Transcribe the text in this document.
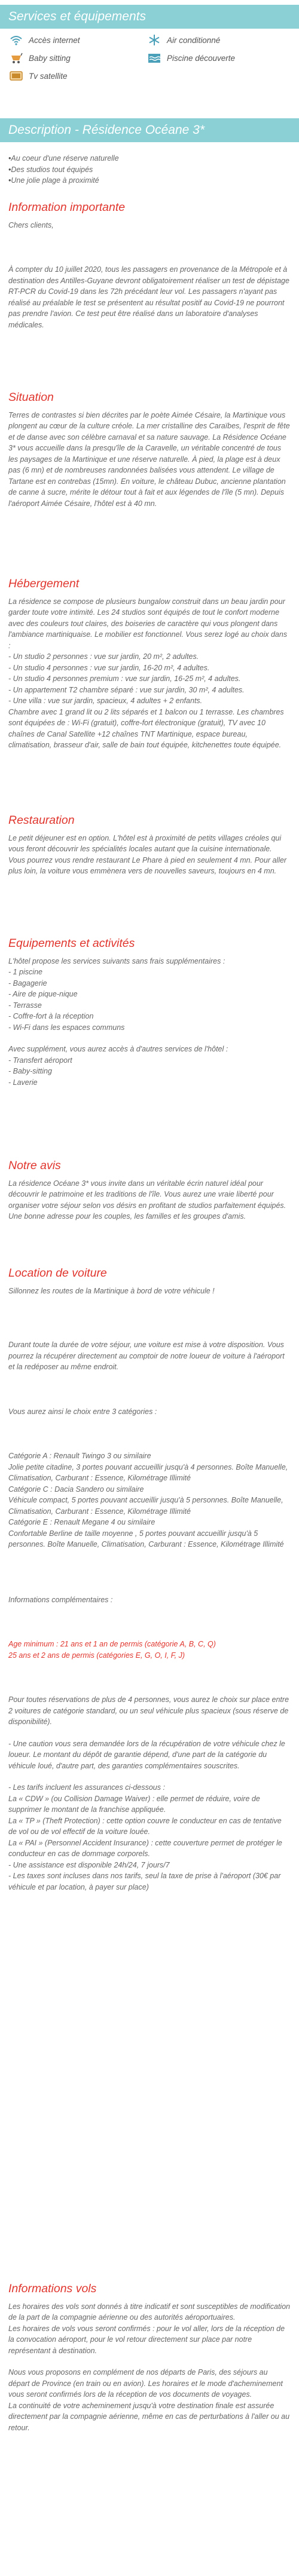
Services et équipements
Accès internet	Air conditionné
Baby sitting	Piscine découverte
Tv satellite
Description - Résidence Océane 3*
• Au coeur d'une réserve naturelle
• Des studios tout équipés
• Une jolie plage à proximité
Information importante

Chers clients,

À compter du 10 juillet 2020, tous les passagers en provenance de la Métropole et à destination des Antilles-Guyane devront obligatoirement réaliser un test de dépistage RT-PCR du Covid-19 dans les 72h précédant leur vol. Les passagers n'ayant pas réalisé au préalable le test se présentent au résultat positif au Covid-19 ne pourront pas prendre l'avion. Ce test peut être réalisé dans un laboratoire d'analyses médicales.

Situation

Terres de contrastes si bien décrites par le poète Aimée Césaire, la Martinique vous plongent au cœur de la culture créole. La mer cristalline des Caraïbes, l'esprit de fête et de danse avec son célèbre carnaval et sa nature sauvage. La Résidence Océane 3* vous accueille dans la presqu'île de la Caravelle, un véritable concentré de tous les paysages de la Martinique et une réserve naturelle. À pied, la plage est à deux pas (6 mn) et de nombreuses randonnées balisées vous attendent. Le village de Tartane est en contrebas (15mn). En voiture, le château Dubuc, ancienne plantation de canne à sucre, mérite le détour tout à fait et aux légendes de l'île (5 mn). Depuis l'aéroport Aimée Césaire, l'hôtel est à 40 mn.

Hébergement

La résidence se compose de plusieurs bungalow construit dans un beau jardin pour garder toute votre intimité. Les 24 studios sont équipés de tout le confort moderne avec des couleurs tout claires, des boiseries de caractère qui vous plongent dans l'ambiance martiniquaise. Le mobilier est fonctionnel. Vous serez logé au choix dans :

- Un studio 2 personnes : vue sur jardin, 20 m², 2 adultes.

- Un studio 4 personnes : vue sur jardin, 16-20 m², 4 adultes.

- Un studio 4 personnes premium : vue sur jardin, 16-25 m², 4 adultes.

- Un appartement T2 chambre séparé : vue sur jardin, 30 m², 4 adultes.

- Une villa : vue sur jardin, spacieux, 4 adultes + 2 enfants.

Chambre avec 1 grand lit ou 2 lits séparés et 1 balcon ou 1 terrasse. Les chambres sont équipées de : Wi-Fi (gratuit), coffre-fort électronique (gratuit), TV avec 10 chaînes de Canal Satellite +12 chaînes TNT Martinique, espace bureau, climatisation, brasseur d'air, salle de bain tout équipée, kitchenettes toute équipée.

Restauration

Le petit déjeuner est en option. L'hôtel est à proximité de petits villages créoles qui vous feront découvrir les spécialités locales autant que la cuisine internationale. Vous pourrez vous rendre restaurant Le Phare à pied en seulement 4 mn. Pour aller plus loin, la voiture vous emmènera vers de nouvelles saveurs, toujours en 4 mn.

Equipements et activités

L'hôtel propose les services suivants sans frais supplémentaires :

- 1 piscine

- Bagagerie

- Aire de pique-nique

- Terrasse

- Coffre-fort à la réception

- Wi-Fi dans les espaces communs

Avec supplément, vous aurez accès à d'autres services de l'hôtel :

- Transfert aéroport

- Baby-sitting

- Laverie

Notre avis

La résidence Océane 3* vous invite dans un véritable écrin naturel idéal pour découvrir le patrimoine et les traditions de l'île. Vous aurez une vraie liberté pour organiser votre séjour selon vos désirs en profitant de studios parfaitement équipés. Une bonne adresse pour les couples, les familles et les groupes d'amis.

Location de voiture

Sillonnez les routes de la Martinique à bord de votre véhicule !

Durant toute la durée de votre séjour, une voiture est mise à votre disposition. Vous pourrez la récupérer directement au comptoir de notre loueur de voiture à l'aéroport et la redéposer au même endroit.

Vous aurez ainsi le choix entre 3 catégories :

Catégorie A : Renault Twingo 3 ou similaire
Jolie petite citadine, 3 portes pouvant accueillir jusqu'à 4 personnes. Boîte Manuelle, Climatisation, Carburant : Essence, Kilométrage Illimité
Catégorie C : Dacia Sandero ou similaire
Véhicule compact, 5 portes pouvant accueillir jusqu'à 5 personnes. Boîte Manuelle, Climatisation, Carburant : Essence, Kilométrage Illimité
Catégorie E : Renault Megane 4 ou similaire
Confortable Berline de taille moyenne , 5 portes pouvant accueillir jusqu'à 5 personnes. Boîte Manuelle, Climatisation, Carburant : Essence, Kilométrage Illimité

Informations complémentaires :

Age minimum : 21 ans et 1 an de permis (catégorie A, B, C, Q)
25 ans et 2 ans de permis (catégories E, G, O, I, F, J)

Pour toutes réservations de plus de 4 personnes, vous aurez le choix sur place entre 2 voitures de catégorie standard, ou un seul véhicule plus spacieux (sous réserve de disponibilité).

- Une caution vous sera demandée lors de la récupération de votre véhicule chez le loueur. Le montant du dépôt de garantie dépend, d'une part de la catégorie du véhicule loué, d'autre part, des garanties complémentaires souscrites.

- Les tarifs incluent les assurances ci-dessous :
La « CDW » (ou Collision Damage Waiver) : elle permet de réduire, voire de supprimer le montant de la franchise appliquée.
La « TP » (Theft Protection) : cette option couvre le conducteur en cas de tentative de vol ou de vol effectif de la voiture louée.
La « PAI » (Personnel Accident Insurance) : cette couverture permet de protéger le conducteur en cas de dommage corporels.
- Une assistance est disponible 24h/24, 7 jours/7
- Les taxes sont incluses dans nos tarifs, seul la taxe de prise à l'aéroport (30€ par véhicule et par location, à payer sur place)

Informations vols

Les horaires des vols sont donnés à titre indicatif et sont susceptibles de modification de la part de la compagnie aérienne ou des autorités aéroportuaires.
Les horaires de vols vous seront confirmés : pour le vol aller, lors de la réception de la convocation aéroport, pour le vol retour directement sur place par notre représentant à destination.

Nous vous proposons en complément de nos départs de Paris, des séjours au départ de Province (en train ou en avion). Les horaires et le mode d'acheminement vous seront confirmés lors de la réception de vos documents de voyages.
La continuité de votre acheminement jusqu'à votre destination finale est assurée directement par la compagnie aérienne, même en cas de perturbations à l'aller ou au retour.
